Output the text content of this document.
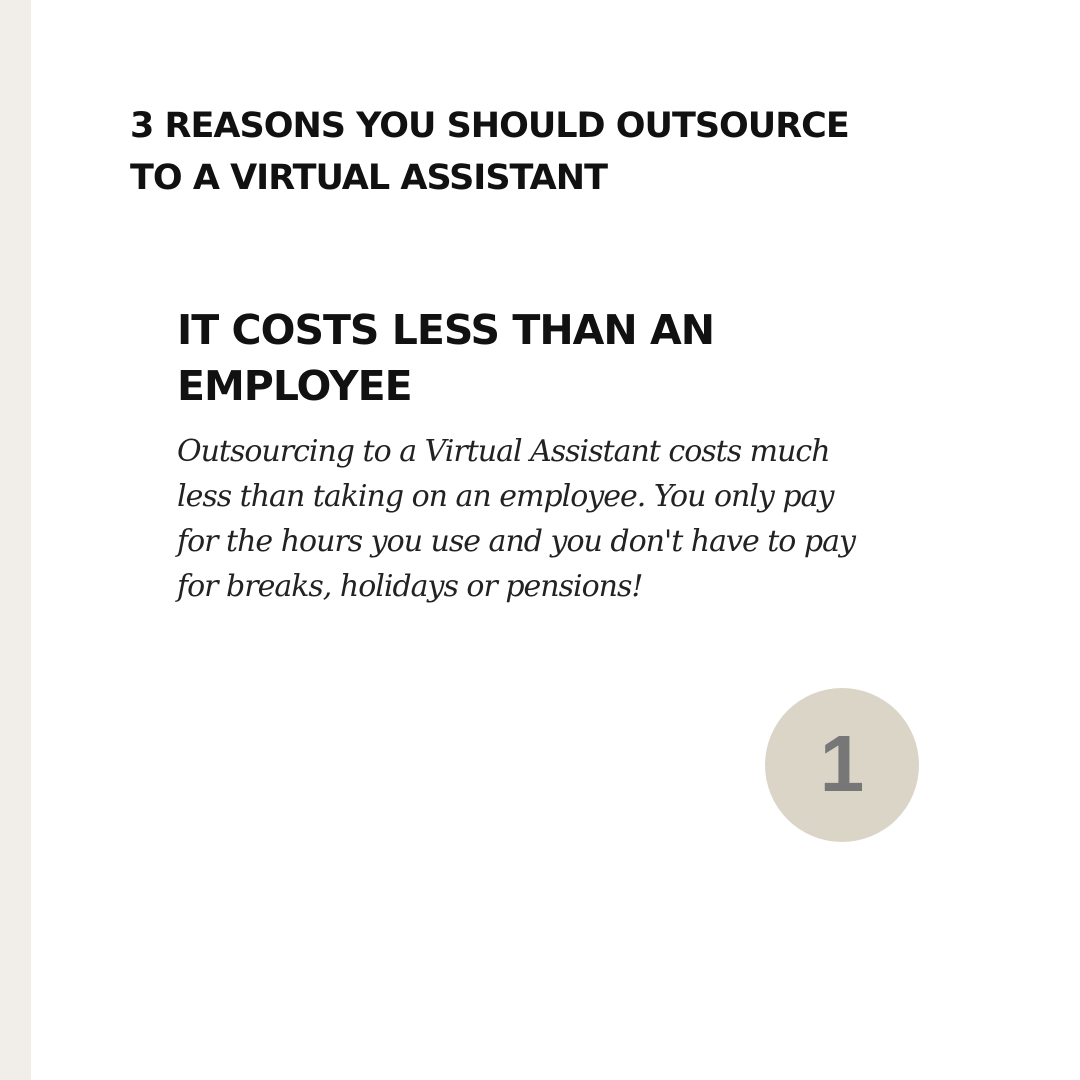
3 REASONS YOU SHOULD OUTSOURCE
TO A VIRTUAL ASSISTANT
IT COSTS LESS THAN AN
EMPLOYEE

Outsourcing to a Virtual Assistant costs much
less than taking on an employee. You only pay
for the hours you use and you don't have to pay
for breaks, holidays or pensions!

1
